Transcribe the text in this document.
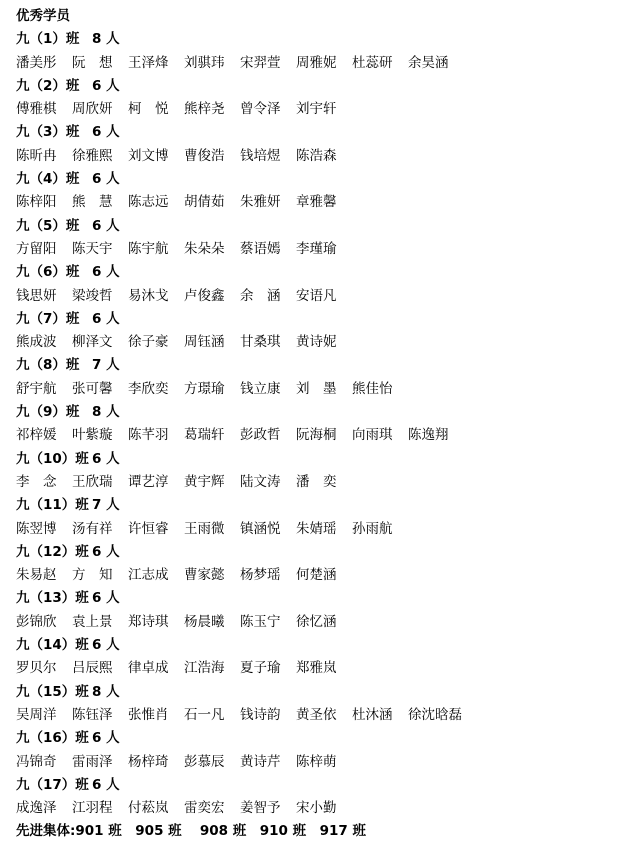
优秀学员
九（1）班 8 人
潘美彤 阮　想 王泽烽 刘骐玮 宋羿萱 周雅妮 杜蕊研 余昊涵
九（2）班 6 人
傅雅棋 周欣妍 柯　悦 熊梓尧 曾令泽 刘宇轩
九（3）班 6 人
陈昕冉 徐雅熙 刘文博 曹俊浩 钱培煜 陈浩森
九（4）班 6 人
陈梓阳 熊　慧 陈志远 胡倩茹 朱雅妍 章雅馨
九（5）班 6 人
方留阳 陈天宇 陈宇航 朱朵朵 蔡语嫣 李瑾瑜
九（6）班 6 人
钱思妍 梁竣哲 易沐戈 卢俊鑫 余　涵 安语凡
九（7）班 6 人
熊成波 柳泽文 徐子豪 周钰涵 甘桑琪 黄诗妮
九（8）班 7 人
舒宇航 张可馨 李欣奕 方璟瑜 钱立康 刘　墨 熊佳怡
九（9）班 8 人
祁梓媛 叶紫璇 陈芊羽 葛瑞轩 彭政哲 阮海桐 向雨琪 陈逸翔
九（10）班 6 人
李　念 王欣瑞 谭艺淳 黄宇辉 陆文涛 潘　奕
九（11）班 7 人
陈翌博 汤有祥 许恒睿 王雨微 镇涵悦 朱婧瑶 孙雨航
九（12）班 6 人
朱易赵 方　知 江志成 曹家懿 杨梦瑶 何楚涵
九（13）班 6 人
彭锦欣 袁上景 郑诗琪 杨晨曦 陈玉宁 徐忆涵
九（14）班 6 人
罗贝尔 吕辰熙 律卓成 江浩海 夏子瑜 郑雅岚
九（15）班 8 人
吴周洋 陈钰泽 张惟肖 石一凡 钱诗韵 黄圣依 杜沐涵 徐沈晗磊
九（16）班 6 人
冯锦奇 雷雨泽 杨梓琦 彭慕辰 黄诗芹 陈梓萌
九（17）班 6 人
成逸泽 江羽程 付菘岚 雷奕宏 姜智予 宋小勤
先进集体:901 班　905 班　 908 班　910 班　917 班
